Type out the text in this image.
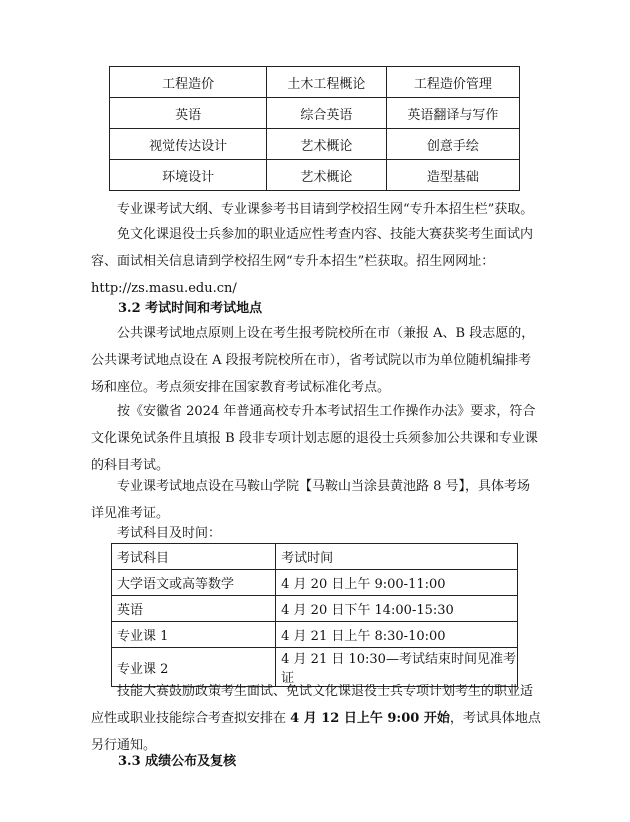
工程造价	土木工程概论	工程造价管理
英语	综合英语	英语翻译与写作
视觉传达设计	艺术概论	创意手绘
环境设计	艺术概论	造型基础
专业课考试大纲、专业课参考书目请到学校招生网“专升本招生栏”获取。
免文化课退役士兵参加的职业适应性考查内容、技能大赛获奖考生面试内容、面试相关信息请到学校招生网“专升本招生”栏获取。招生网网址：http://zs.masu.edu.cn/
3.2 考试时间和考试地点
公共课考试地点原则上设在考生报考院校所在市（兼报 A、B 段志愿的，公共课考试地点设在 A 段报考院校所在市），省考试院以市为单位随机编排考场和座位。考点须安排在国家教育考试标准化考点。
按《安徽省 2024 年普通高校专升本考试招生工作操作办法》要求，符合文化课免试条件且填报 B 段非专项计划志愿的退役士兵须参加公共课和专业课的科目考试。
专业课考试地点设在马鞍山学院【马鞍山当涂县黄池路 8 号】，具体考场详见准考证。
考试科目及时间：
考试科目	考试时间
大学语文或高等数学	4 月 20 日上午 9:00-11:00
英语	4 月 20 日下午 14:00-15:30
专业课 1	4 月 21 日上午 8:30-10:00
专业课 2	4 月 21 日 10:30—考试结束时间见准考证
技能大赛鼓励政策考生面试、免试文化课退役士兵专项计划考生的职业适应性或职业技能综合考查拟安排在 4 月 12 日上午 9:00 开始，考试具体地点另行通知。
3.3 成绩公布及复核
